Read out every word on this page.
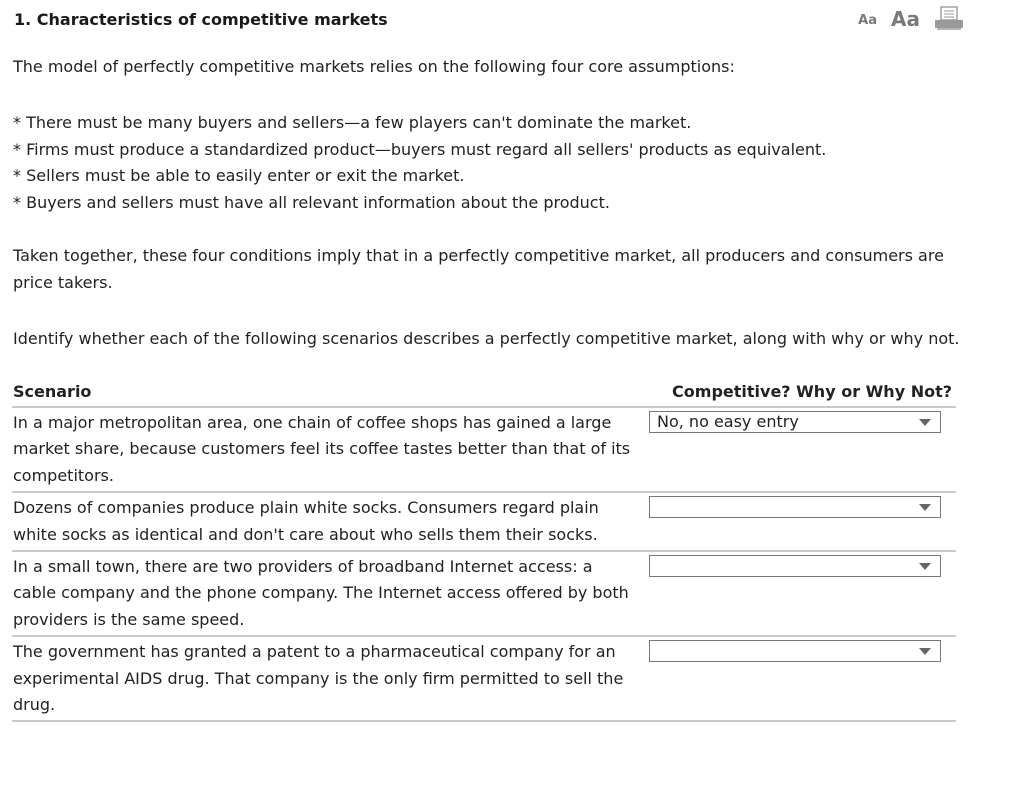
1. Characteristics of competitive markets	Aa Aa
The model of perfectly competitive markets relies on the following four core assumptions:
* There must be many buyers and sellers—a few players can't dominate the market.
* Firms must produce a standardized product—buyers must regard all sellers' products as equivalent.
* Sellers must be able to easily enter or exit the market.
* Buyers and sellers must have all relevant information about the product.
Taken together, these four conditions imply that in a perfectly competitive market, all producers and consumers are price takers.
Identify whether each of the following scenarios describes a perfectly competitive market, along with why or why not.
Scenario	Competitive? Why or Why Not?
In a major metropolitan area, one chain of coffee shops has gained a large market share, because customers feel its coffee tastes better than that of its competitors.
No, no easy entry
Dozens of companies produce plain white socks. Consumers regard plain white socks as identical and don't care about who sells them their socks.
In a small town, there are two providers of broadband Internet access: a cable company and the phone company. The Internet access offered by both providers is the same speed.
The government has granted a patent to a pharmaceutical company for an experimental AIDS drug. That company is the only firm permitted to sell the drug.
